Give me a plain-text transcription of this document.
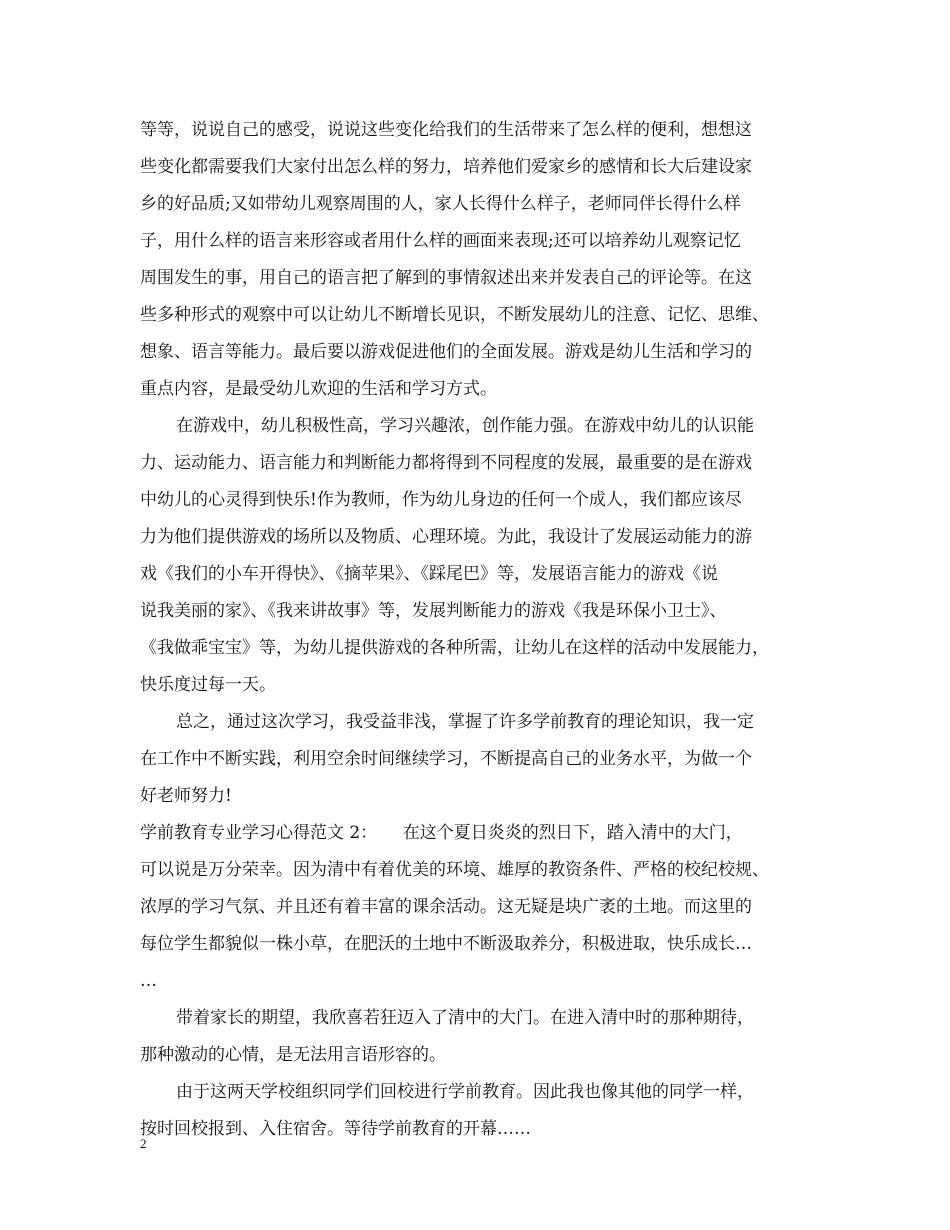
等等，说说自己的感受，说说这些变化给我们的生活带来了怎么样的便利，想想这
些变化都需要我们大家付出怎么样的努力，培养他们爱家乡的感情和长大后建设家
乡的好品质;又如带幼儿观察周围的人，家人长得什么样子，老师同伴长得什么样
子，用什么样的语言来形容或者用什么样的画面来表现;还可以培养幼儿观察记忆
周围发生的事，用自己的语言把了解到的事情叙述出来并发表自己的评论等。在这
些多种形式的观察中可以让幼儿不断增长见识，不断发展幼儿的注意、记忆、思维、
想象、语言等能力。最后要以游戏促进他们的全面发展。游戏是幼儿生活和学习的
重点内容，是最受幼儿欢迎的生活和学习方式。
在游戏中，幼儿积极性高，学习兴趣浓，创作能力强。在游戏中幼儿的认识能
力、运动能力、语言能力和判断能力都将得到不同程度的发展，最重要的是在游戏
中幼儿的心灵得到快乐!作为教师，作为幼儿身边的任何一个成人，我们都应该尽
力为他们提供游戏的场所以及物质、心理环境。为此，我设计了发展运动能力的游
戏《我们的小车开得快》、《摘苹果》、《踩尾巴》等，发展语言能力的游戏《说
说我美丽的家》、《我来讲故事》等，发展判断能力的游戏《我是环保小卫士》、
《我做乖宝宝》等，为幼儿提供游戏的各种所需，让幼儿在这样的活动中发展能力，
快乐度过每一天。
总之，通过这次学习，我受益非浅，掌握了许多学前教育的理论知识，我一定
在工作中不断实践，利用空余时间继续学习，不断提高自己的业务水平，为做一个
好老师努力!
学前教育专业学习心得范文 2：　　在这个夏日炎炎的烈日下，踏入清中的大门，
可以说是万分荣幸。因为清中有着优美的环境、雄厚的教资条件、严格的校纪校规、
浓厚的学习气氛、并且还有着丰富的课余活动。这无疑是块广袤的土地。而这里的
每位学生都貌似一株小草，在肥沃的土地中不断汲取养分，积极进取，快乐成长…
…
带着家长的期望，我欣喜若狂迈入了清中的大门。在进入清中时的那种期待，
那种激动的心情，是无法用言语形容的。
由于这两天学校组织同学们回校进行学前教育。因此我也像其他的同学一样，
按时回校报到、入住宿舍。等待学前教育的开幕……
2
